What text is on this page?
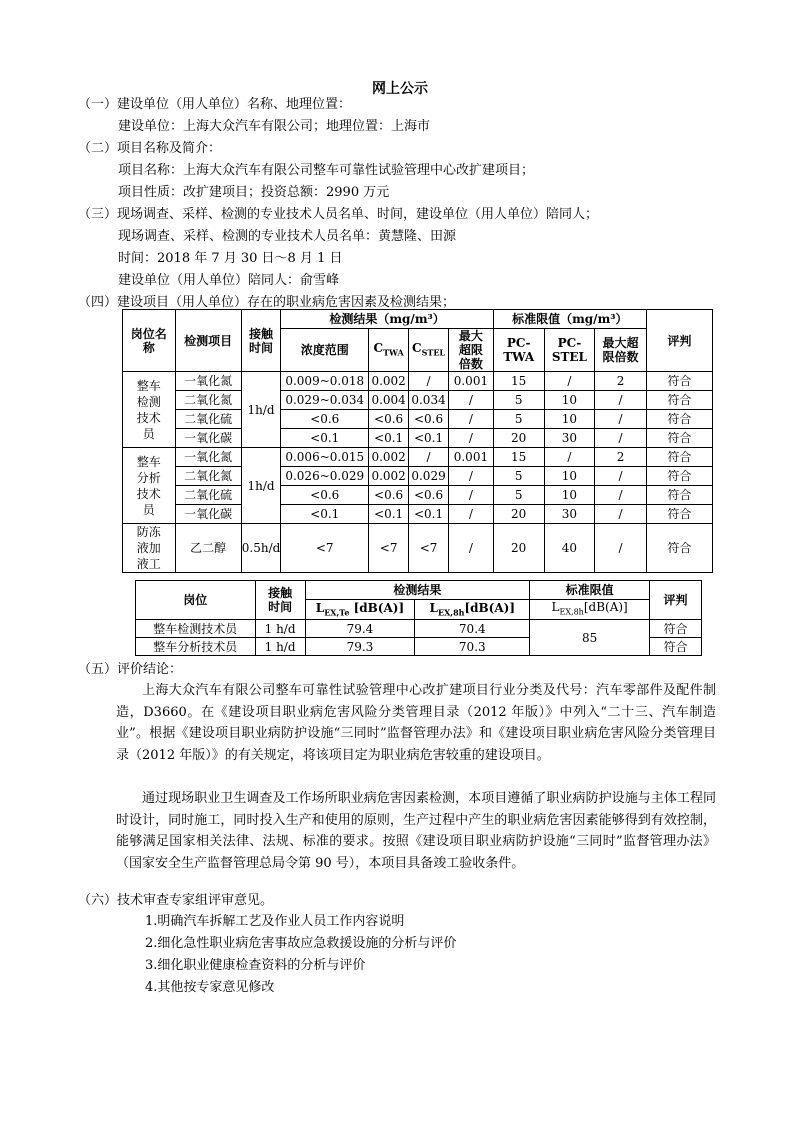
网上公示
（一）建设单位（用人单位）名称、地理位置：
建设单位：上海大众汽车有限公司；地理位置：上海市
（二）项目名称及简介：
项目名称：上海大众汽车有限公司整车可靠性试验管理中心改扩建项目；
项目性质：改扩建项目；投资总额：2990 万元
（三）现场调查、采样、检测的专业技术人员名单、时间，建设单位（用人单位）陪同人；
现场调查、采样、检测的专业技术人员名单：黄慧隆、田源
时间：2018 年 7 月 30 日～8 月 1 日
建设单位（用人单位）陪同人：俞雪峰
（四）建设项目（用人单位）存在的职业病危害因素及检测结果；
岗位名称	检测项目	接触时间	检测结果（mg/m³）				标准限值（mg/m³）			评判
			浓度范围	$C_{TWA}$	$C_{STEL}$	最大超限倍数	PC-TWA	PC-STEL	最大超限倍数	
整车检测技术员	一氧化氮	1h/d	0.009~0.018	0.002	/	0.001	15	/	2	符合
	二氧化氮		0.029~0.034	0.004	0.034	/	5	10	/	符合
	二氧化硫		<0.6	<0.6	<0.6	/	5	10	/	符合
	一氧化碳		<0.1	<0.1	<0.1	/	20	30	/	符合
整车分析技术员	一氧化氮	1h/d	0.006~0.015	0.002	/	0.001	15	/	2	符合
	二氧化氮		0.026~0.029	0.002	0.029	/	5	10	/	符合
	二氧化硫		<0.6	<0.6	<0.6	/	5	10	/	符合
	一氧化碳		<0.1	<0.1	<0.1	/	20	30	/	符合
防冻液加液工	乙二醇	0.5h/d	<7	<7	<7	/	20	40	/	符合
岗位	接触时间	检测结果		标准限值	评判
		$L_{EX,Te}$ [dB(A)]	$L_{EX,8h}[dB(A)]$	$L_{EX,8h}[dB(A)]$	
整车检测技术员	1 h/d	79.4	70.4	85	符合
整车分析技术员	1 h/d	79.3	70.3		符合
（五）评价结论：
上海大众汽车有限公司整车可靠性试验管理中心改扩建项目行业分类及代号：汽车零部件及配件制造，D3660。在《建设项目职业病危害风险分类管理目录（2012 年版）》中列入“二十三、汽车制造业”。根据《建设项目职业病防护设施“三同时”监督管理办法》和《建设项目职业病危害风险分类管理目录（2012 年版）》的有关规定，将该项目定为职业病危害较重的建设项目。
通过现场职业卫生调查及工作场所职业病危害因素检测，本项目遵循了职业病防护设施与主体工程同时设计，同时施工，同时投入生产和使用的原则，生产过程中产生的职业病危害因素能够得到有效控制，能够满足国家相关法律、法规、标准的要求。按照《建设项目职业病防护设施“三同时”监督管理办法》（国家安全生产监督管理总局令第 90 号），本项目具备竣工验收条件。
（六）技术审查专家组评审意见。
1.明确汽车拆解工艺及作业人员工作内容说明
2.细化急性职业病危害事故应急救援设施的分析与评价
3.细化职业健康检查资料的分析与评价
4.其他按专家意见修改
